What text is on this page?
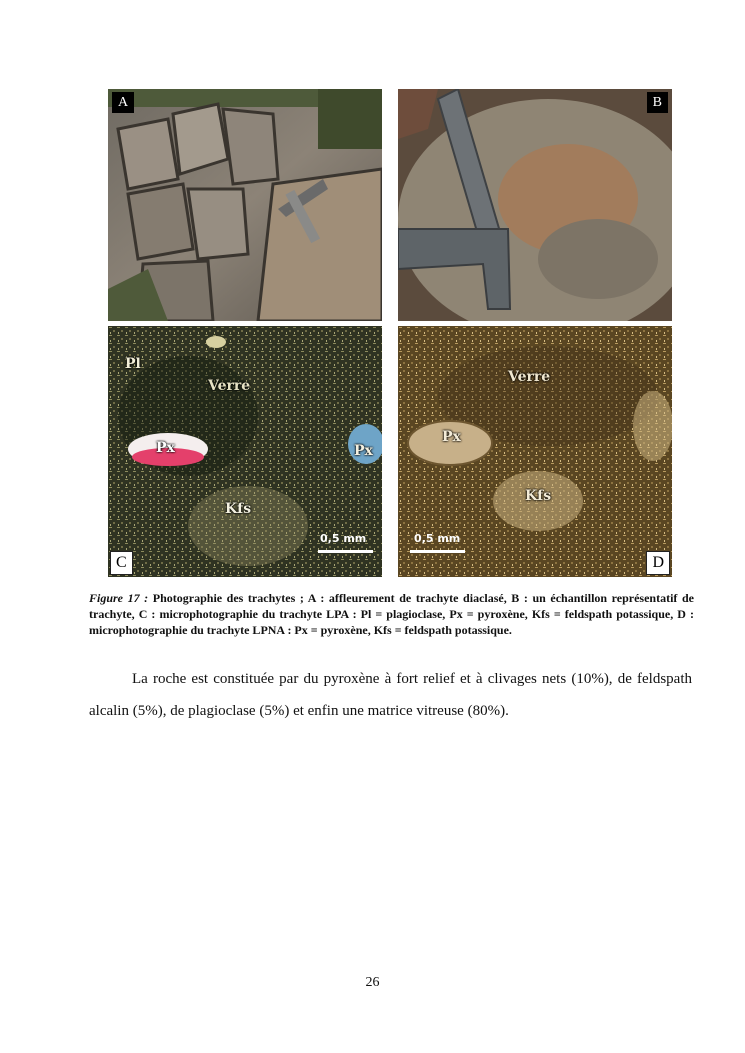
A	B
Pl
Verre
Px	Px
Kfs
0,5 mm
C
Verre
Px
Kfs
0,5 mm
D
Figure 17 : Photographie des trachytes ; A : affleurement de trachyte diaclasé, B : un échantillon représentatif de trachyte, C : microphotographie du trachyte LPA : Pl = plagioclase, Px = pyroxène, Kfs = feldspath potassique, D : microphotographie du trachyte LPNA : Px = pyroxène, Kfs = feldspath potassique.

La roche est constituée par du pyroxène à fort relief et à clivages nets (10%), de feldspath alcalin (5%), de plagioclase (5%) et enfin une matrice vitreuse (80%).

26
